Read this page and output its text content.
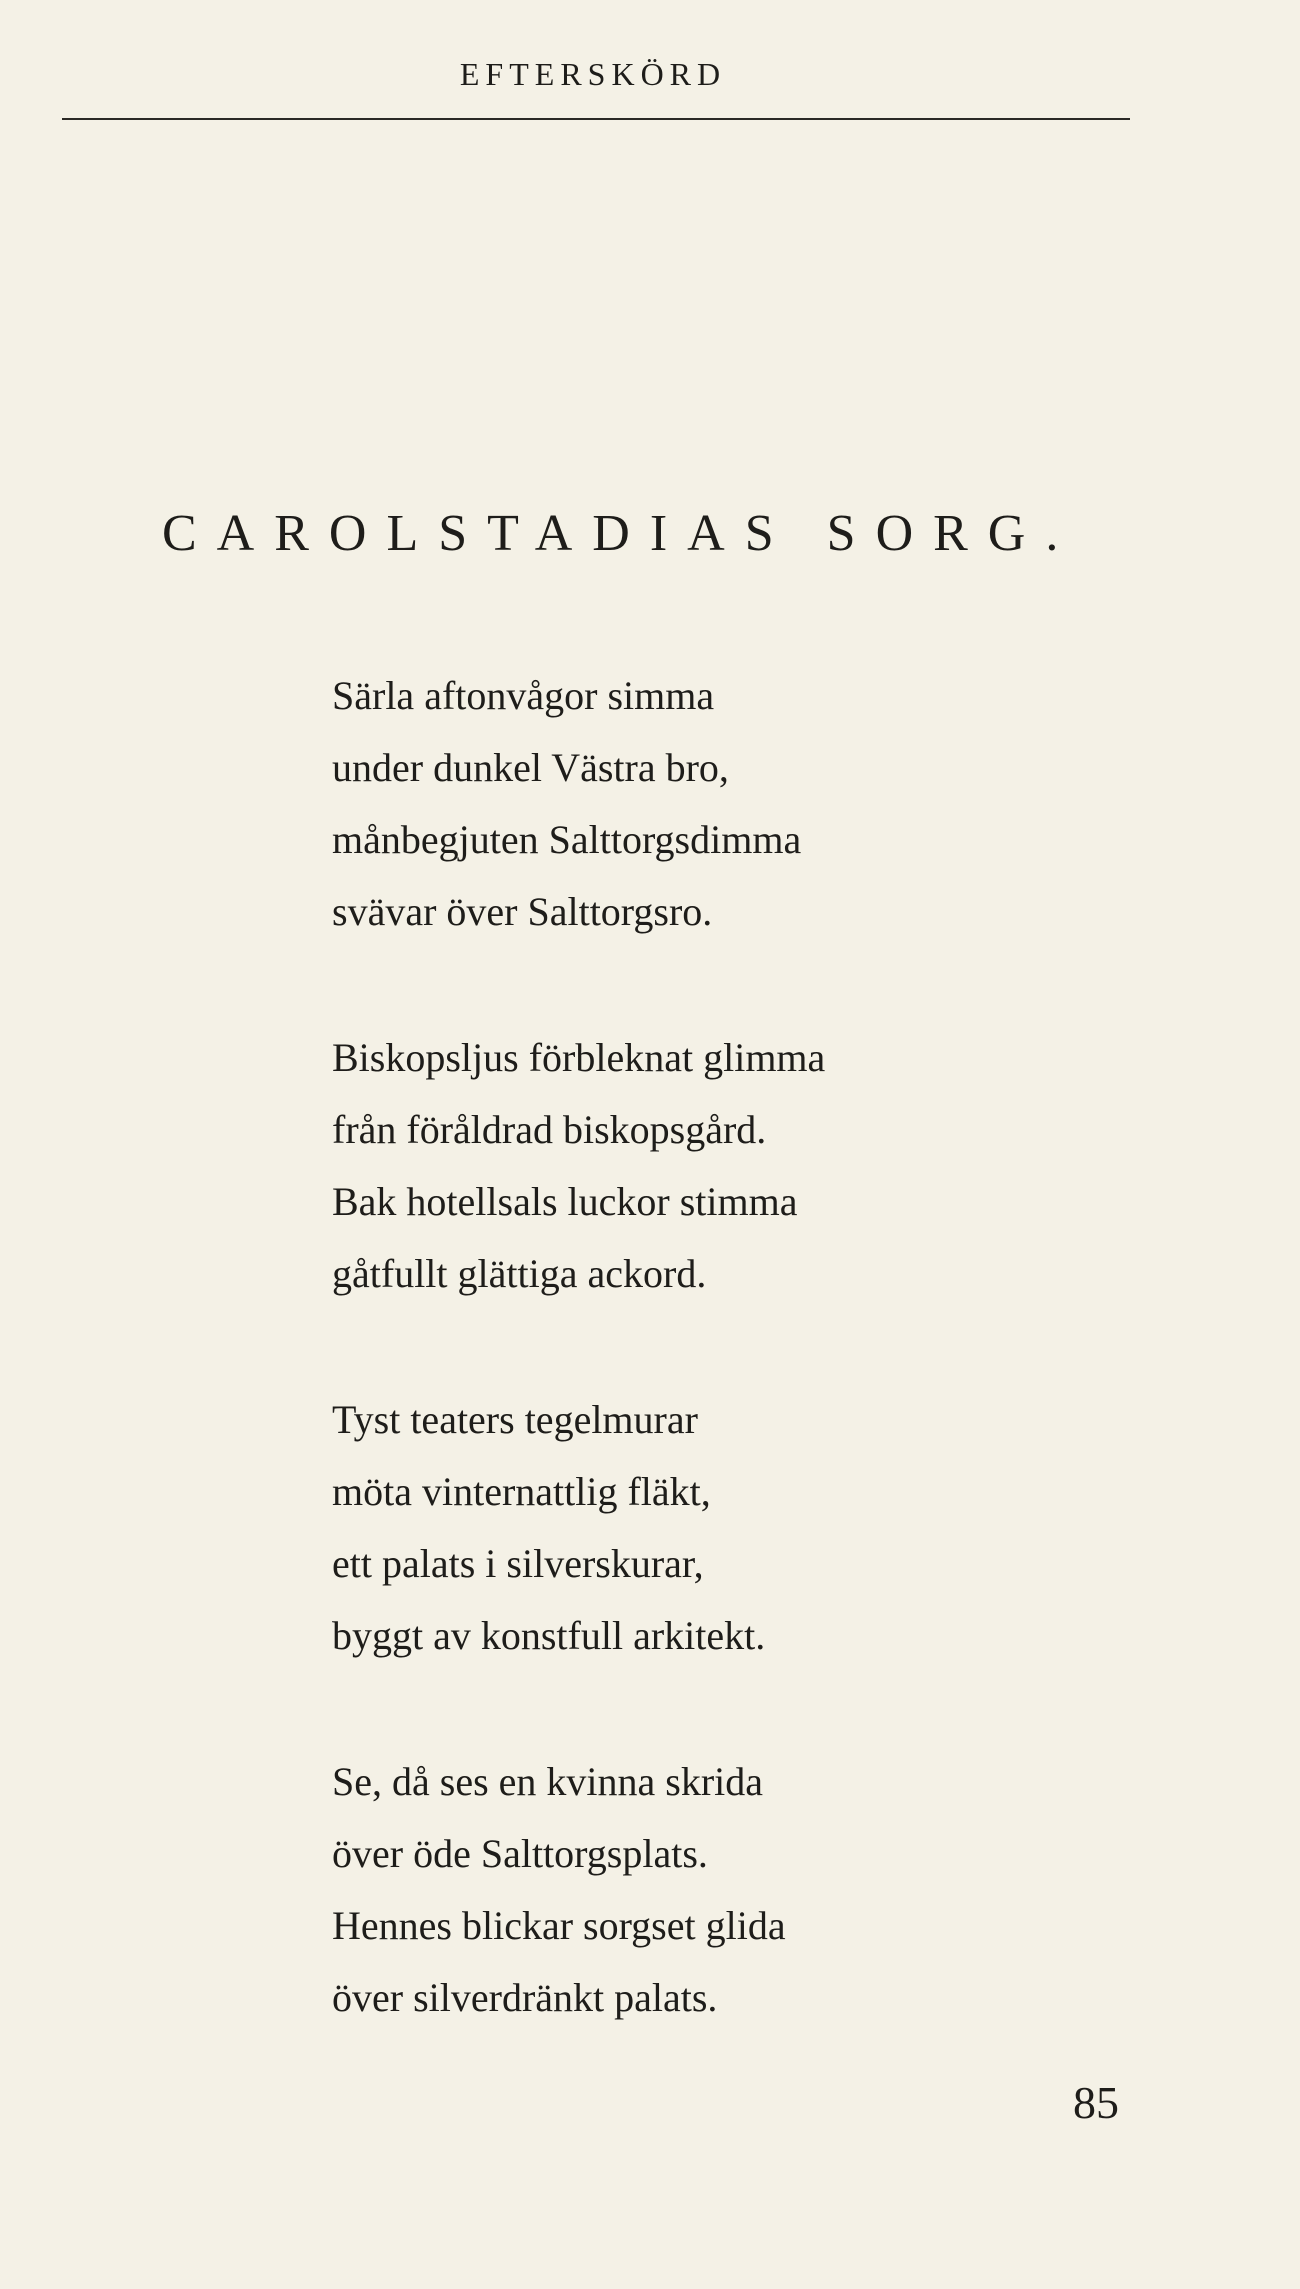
EFTERSKÖRD
CAROLSTADIAS SORG.
Särla aftonvågor simma
under dunkel Västra bro,
månbegjuten Salttorgsdimma
svävar över Salttorgsro.
Biskopsljus förbleknat glimma
från föråldrad biskopsgård.
Bak hotellsals luckor stimma
gåtfullt glättiga ackord.
Tyst teaters tegelmurar
möta vinternattlig fläkt,
ett palats i silverskurar,
byggt av konstfull arkitekt.
Se, då ses en kvinna skrida
över öde Salttorgsplats.
Hennes blickar sorgset glida
över silverdränkt palats.
85
